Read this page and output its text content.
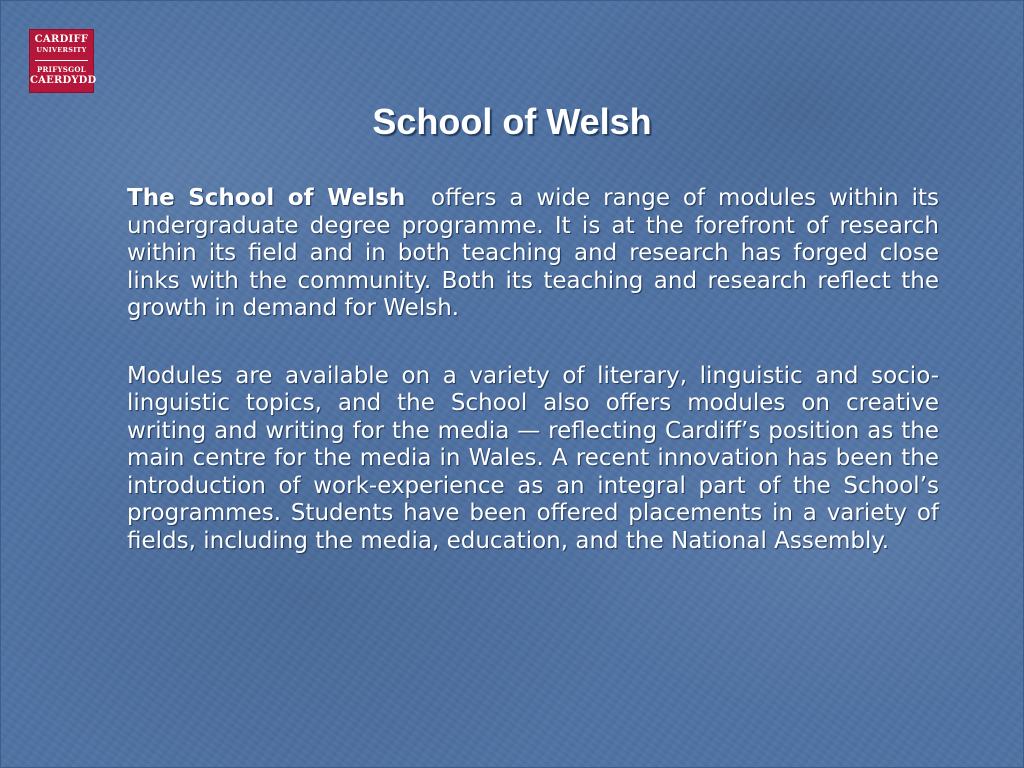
CARDIFF
UNIVERSITY
PRIFYSGOL
CAERDYDD
School of Welsh

The School of Welsh  offers a wide range of modules within its undergraduate degree programme. It is at the forefront of research within its field and in both teaching and research has forged close links with the community. Both its teaching and research reflect the growth in demand for Welsh.

Modules are available on a variety of literary, linguistic and socio-linguistic topics, and the School also offers modules on creative writing and writing for the media — reflecting Cardiff’s position as the main centre for the media in Wales. A recent innovation has been the introduction of work-experience as an integral part of the School’s programmes. Students have been offered placements in a variety of fields, including the media, education, and the National Assembly.
